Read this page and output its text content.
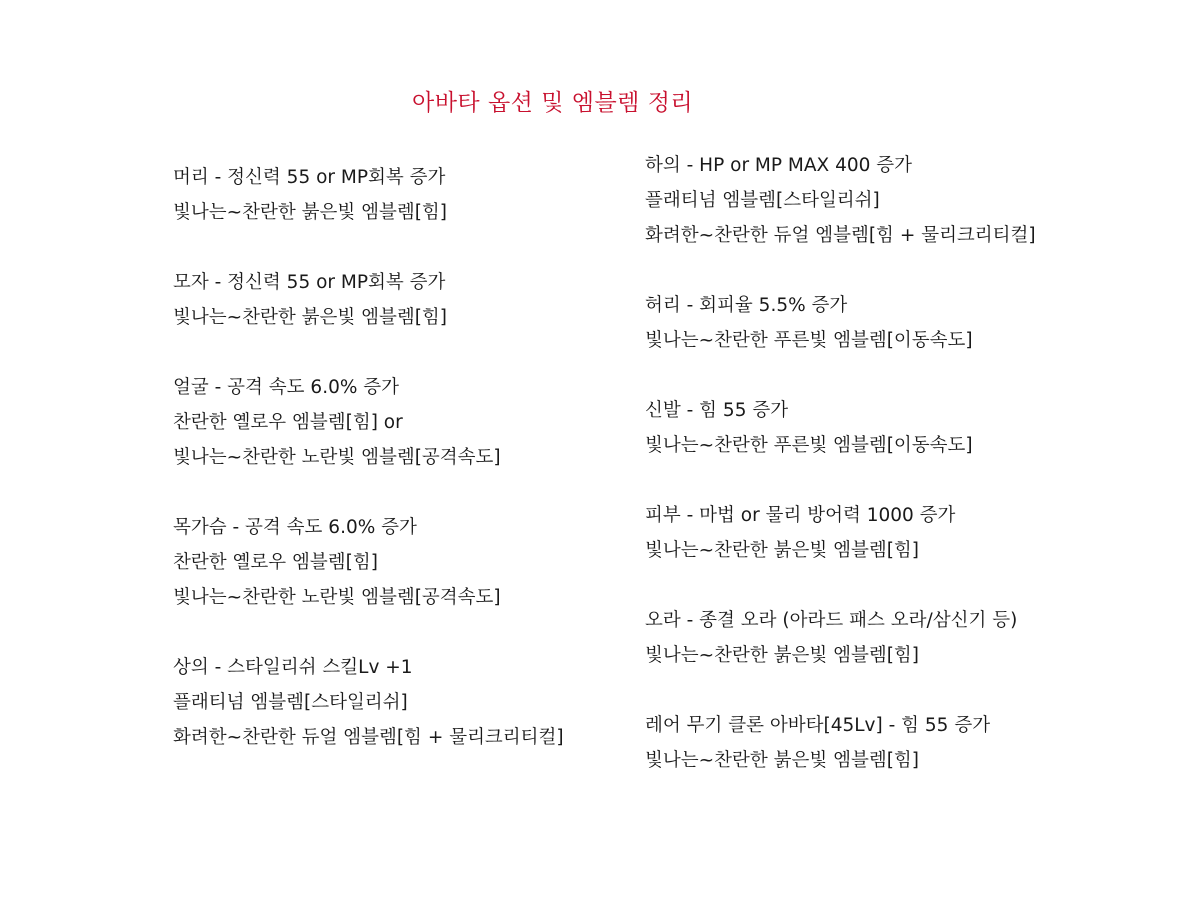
아바타 옵션 및 엠블렘 정리
머리 - 정신력 55 or MP회복 증가
빛나는~찬란한 붉은빛 엠블렘[힘]
모자 - 정신력 55 or MP회복 증가
빛나는~찬란한 붉은빛 엠블렘[힘]
얼굴 - 공격 속도 6.0% 증가
찬란한 옐로우 엠블렘[힘] or
빛나는~찬란한 노란빛 엠블렘[공격속도]
목가슴 - 공격 속도 6.0% 증가
찬란한 옐로우 엠블렘[힘]
빛나는~찬란한 노란빛 엠블렘[공격속도]
상의 - 스타일리쉬 스킬Lv +1
플래티넘 엠블렘[스타일리쉬]
화려한~찬란한 듀얼 엠블렘[힘 + 물리크리티컬]
하의 - HP or MP MAX 400 증가
플래티넘 엠블렘[스타일리쉬]
화려한~찬란한 듀얼 엠블렘[힘 + 물리크리티컬]
허리 - 회피율 5.5% 증가
빛나는~찬란한 푸른빛 엠블렘[이동속도]
신발 - 힘 55 증가
빛나는~찬란한 푸른빛 엠블렘[이동속도]
피부 - 마법 or 물리 방어력 1000 증가
빛나는~찬란한 붉은빛 엠블렘[힘]
오라 - 종결 오라 (아라드 패스 오라/삼신기 등)
빛나는~찬란한 붉은빛 엠블렘[힘]
레어 무기 클론 아바타[45Lv] - 힘 55 증가
빛나는~찬란한 붉은빛 엠블렘[힘]
